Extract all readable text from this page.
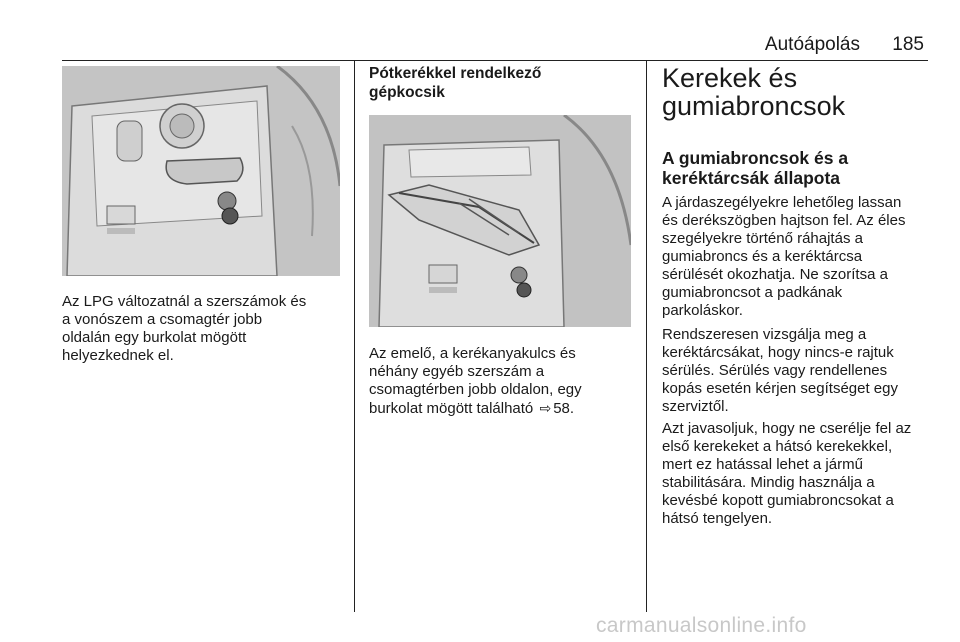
Autóápolás	185
Az LPG változatnál a szerszámok és
a vonószem a csomagtér jobb
oldalán egy burkolat mögött
helyezkednek el.
Pótkerékkel rendelkező
gépkocsik
Az emelő, a kerékanyakulcs és
néhány egyéb szerszám a
csomagtérben jobb oldalon, egy
burkolat mögött található ⇨ 58.
Kerekek és
gumiabroncsok
A gumiabroncsok és a
keréktárcsák állapota
A járdaszegélyekre lehetőleg lassan
és derékszögben hajtson fel. Az éles
szegélyekre történő ráhajtás a
gumiabroncs és a keréktárcsa
sérülését okozhatja. Ne szorítsa a
gumiabroncsot a padkának
parkoláskor.
Rendszeresen vizsgálja meg a
keréktárcsákat, hogy nincs-e rajtuk
sérülés. Sérülés vagy rendellenes
kopás esetén kérjen segítséget egy
szerviztől.
Azt javasoljuk, hogy ne cserélje fel az
első kerekeket a hátsó kerekekkel,
mert ez hatással lehet a jármű
stabilitására. Mindig használja a
kevésbé kopott gumiabroncsokat a
hátsó tengelyen.
carmanualsonline.info
